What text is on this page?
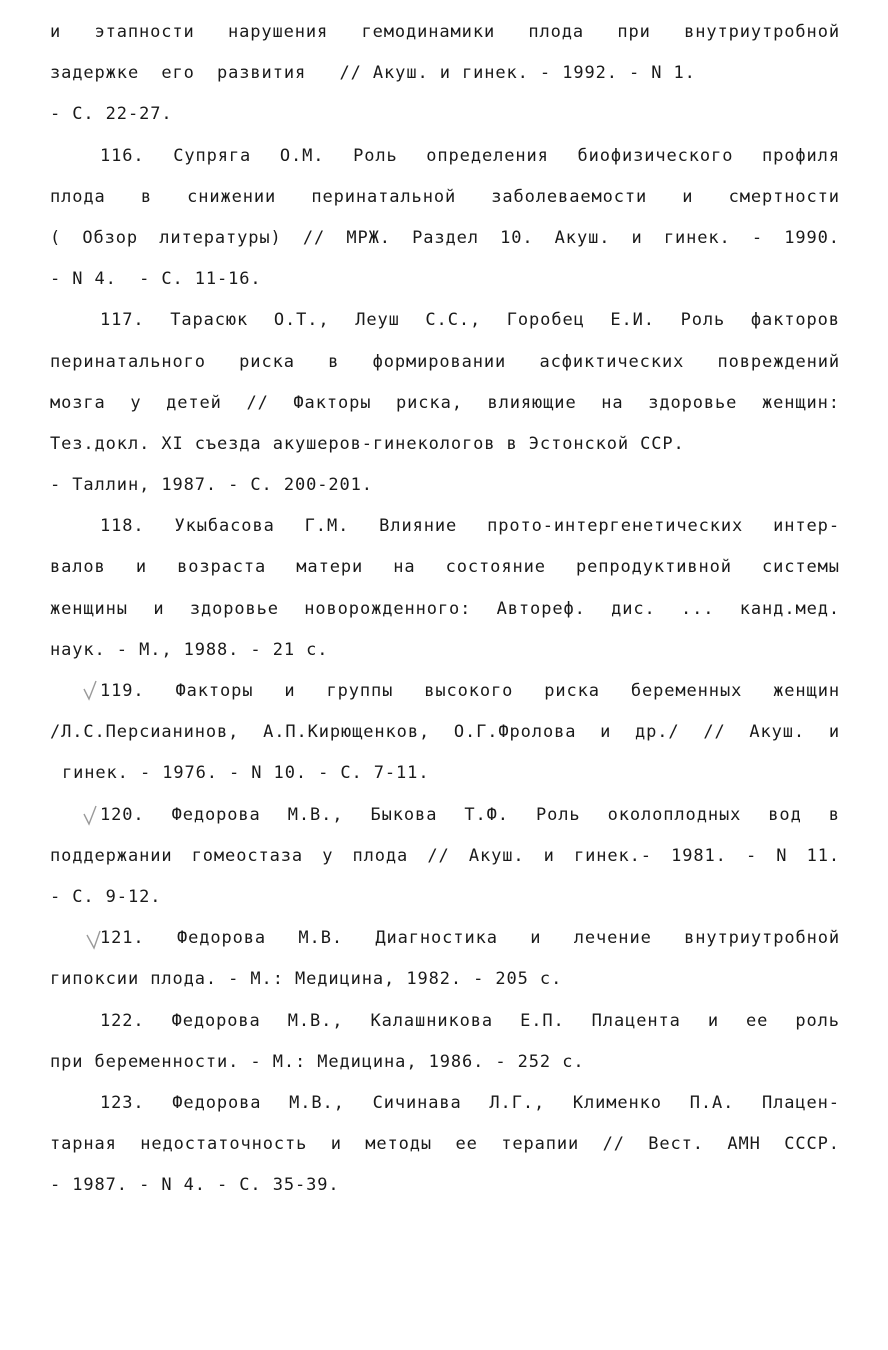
и этапности нарушения гемодинамики плода при внутриутробной
задержке  его  развития   // Акуш. и гинек. - 1992. - N 1.
- С. 22-27.
116. Супряга О.М. Роль определения биофизического профиля
плода в снижении перинатальной заболеваемости и смертности
( Обзор литературы) // МРЖ. Раздел 10. Акуш. и гинек. - 1990.
- N 4.  - С. 11-16.
117. Тарасюк О.Т., Леуш С.С., Горобец Е.И. Роль факторов
перинатального риска в формировании асфиктических повреждений
мозга у детей // Факторы риска, влияющие на здоровье женщин:
Тез.докл. XI съезда акушеров-гинекологов в Эстонской ССР.
- Таллин, 1987. - С. 200-201.
118. Укыбасова Г.М. Влияние прото-интергенетических интер-
валов и возраста матери на состояние репродуктивной системы
женщины и здоровье новорожденного: Автореф. дис. ... канд.мед.
наук. - М., 1988. - 21 с.
119. Факторы и группы высокого риска беременных женщин
/Л.С.Персианинов, А.П.Кирющенков, О.Г.Фролова и др./ // Акуш. и
гинек. - 1976. - N 10. - С. 7-11.
120. Федорова М.В., Быкова Т.Ф. Роль околоплодных вод в
поддержании гомеостаза у плода // Акуш. и гинек.- 1981. - N 11.
- С. 9-12.
121. Федорова М.В. Диагностика и лечение внутриутробной
гипоксии плода. - М.: Медицина, 1982. - 205 с.
122. Федорова М.В., Калашникова Е.П. Плацента и ее роль
при беременности. - М.: Медицина, 1986. - 252 с.
123. Федорова М.В., Сичинава Л.Г., Клименко П.А. Плацен-
тарная недостаточность и методы ее терапии // Вест. АМН СССР.
- 1987. - N 4. - С. 35-39.
